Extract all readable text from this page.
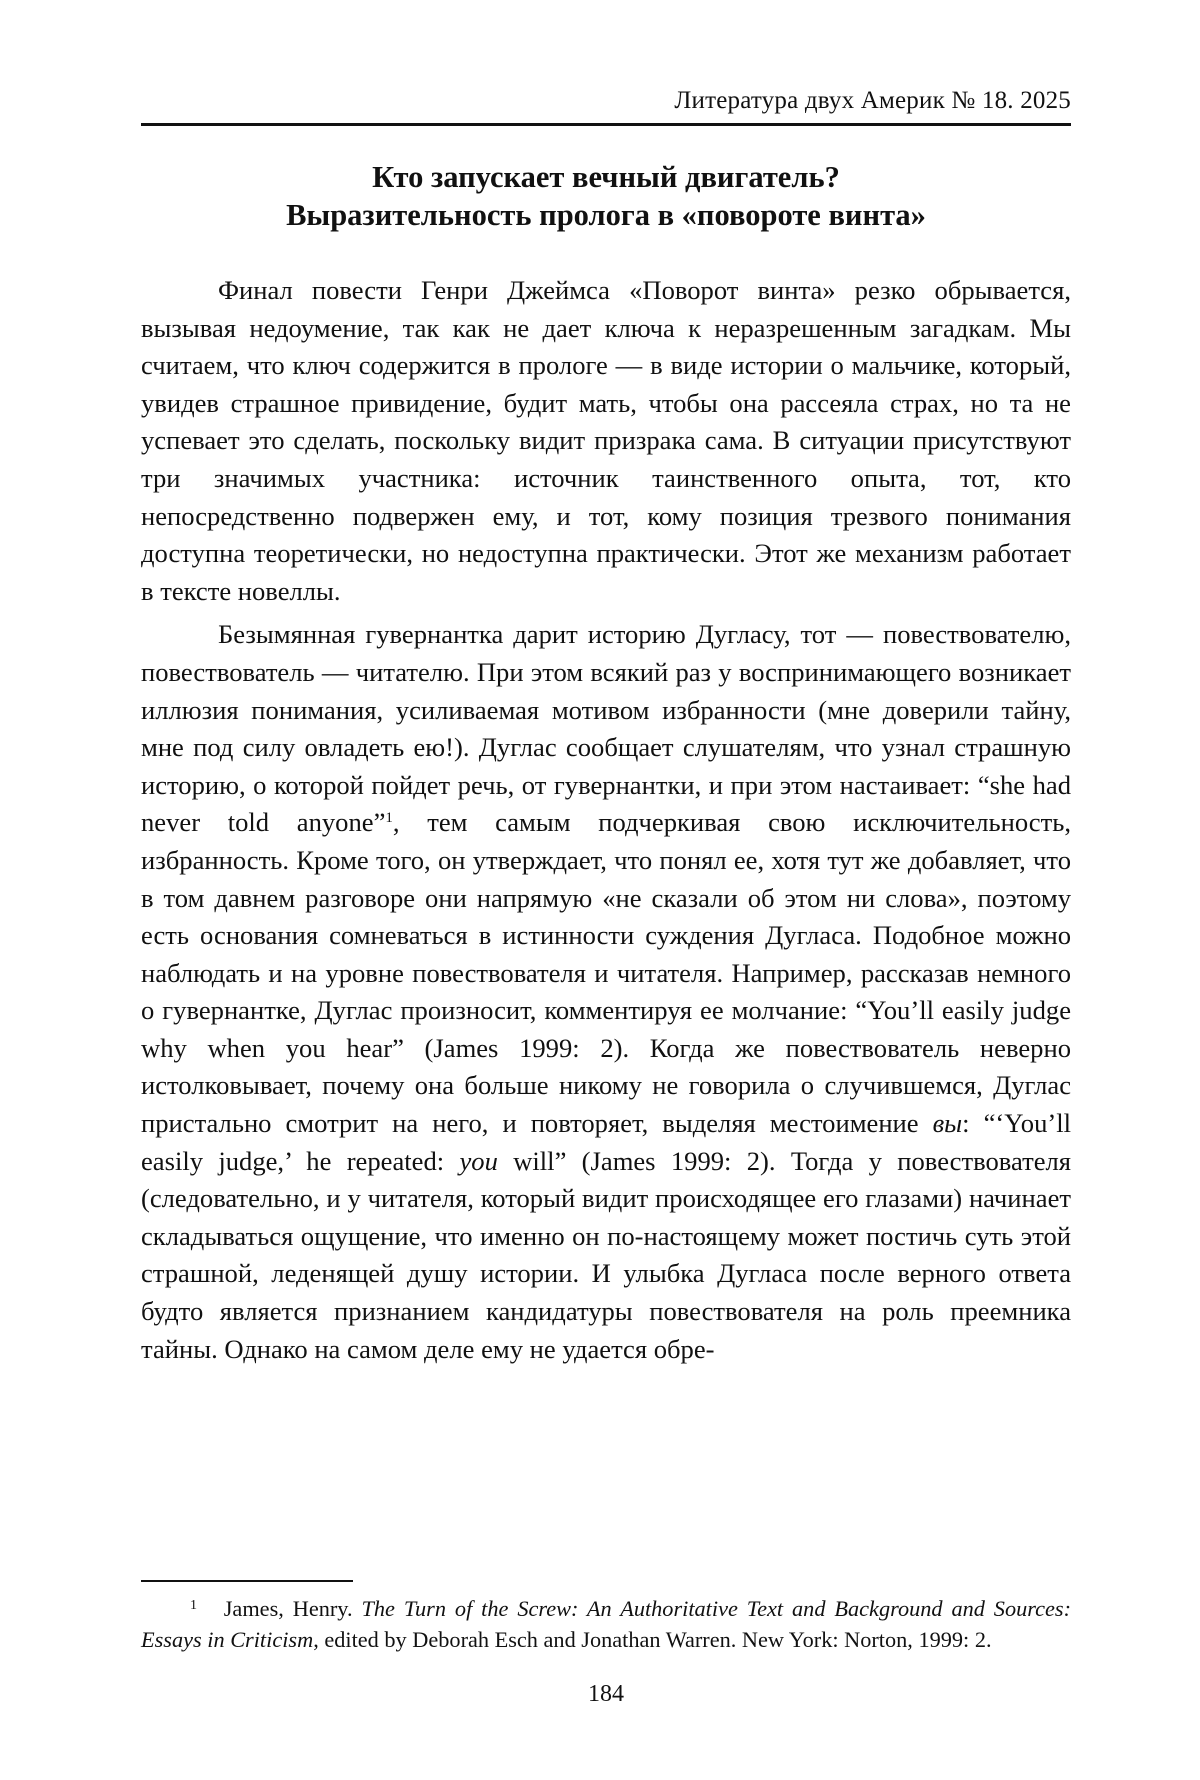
Литература двух Америк № 18. 2025
Кто запускает вечный двигатель?
Выразительность пролога в «повороте винта»

Финал повести Генри Джеймса «Поворот винта» резко обрывается, вызывая недоумение, так как не дает ключа к неразрешенным загадкам. Мы считаем, что ключ содержится в прологе — в виде истории о мальчике, который, увидев страшное привидение, будит мать, чтобы она рассеяла страх, но та не успевает это сделать, поскольку видит призрака сама. В ситуации присутствуют три значимых участника: источник таинственного опыта, тот, кто непосредственно подвержен ему, и тот, кому позиция трезвого понимания доступна теоретически, но недоступна практически. Этот же механизм работает в тексте новеллы.

Безымянная гувернантка дарит историю Дугласу, тот — повествователю, повествователь — читателю. При этом всякий раз у воспринимающего возникает иллюзия понимания, усиливаемая мотивом избранности (мне доверили тайну, мне под силу овладеть ею!). Дуглас сообщает слушателям, что узнал страшную историю, о которой пойдет речь, от гувернантки, и при этом настаивает: “she had never told anyone”$^1$, тем самым подчеркивая свою исключительность, избранность. Кроме того, он утверждает, что понял ее, хотя тут же добавляет, что в том давнем разговоре они напрямую «не сказали об этом ни слова», поэтому есть основания сомневаться в истинности суждения Дугласа. Подобное можно наблюдать и на уровне повествователя и читателя. Например, рассказав немного о гувернантке, Дуглас произносит, комментируя ее молчание: “You’ll easily judge why when you hear” (James 1999: 2). Когда же повествователь неверно истолковывает, почему она больше никому не говорила о случившемся, Дуглас пристально смотрит на него, и повторяет, выделяя местоимение вы: “‘You’ll easily judge,’ he repeated: you will” (James 1999: 2). Тогда у повествователя (следовательно, и у читателя, который видит происходящее его глазами) начинает складываться ощущение, что именно он по-настоящему может постичь суть этой страшной, леденящей душу истории. И улыбка Дугласа после верного ответа будто является признанием кандидатуры повествователя на роль преемника тайны. Однако на самом деле ему не удается обре-

$^1$ James, Henry. The Turn of the Screw: An Authoritative Text and Background and Sources: Essays in Criticism, edited by Deborah Esch and Jonathan Warren. New York: Norton, 1999: 2.

184
